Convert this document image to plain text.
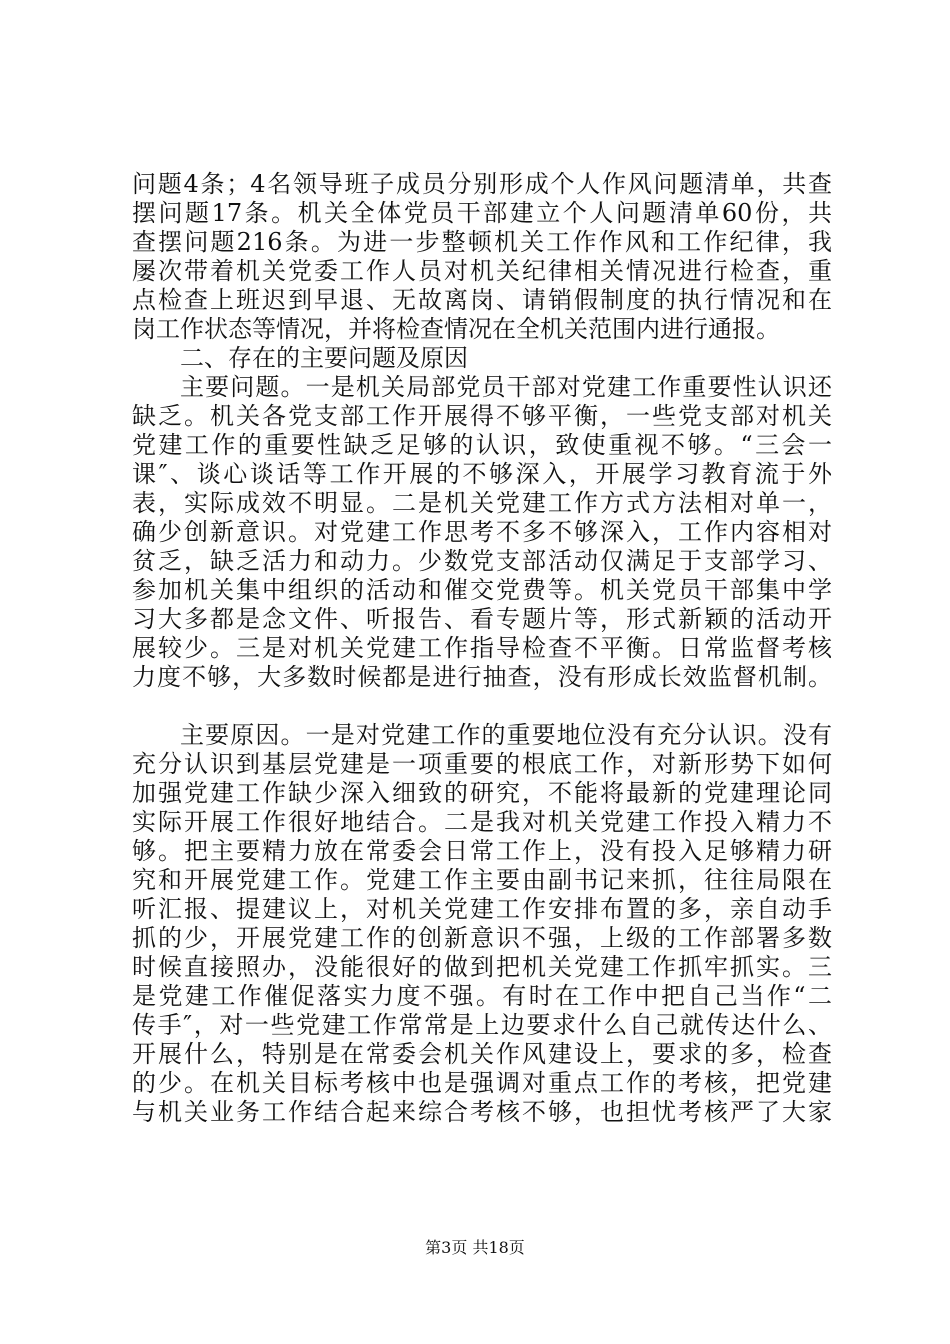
问题4条；4名领导班子成员分别形成个人作风问题清单，共查
摆问题17条。机关全体党员干部建立个人问题清单60份，共
查摆问题216条。为进一步整顿机关工作作风和工作纪律，我
屡次带着机关党委工作人员对机关纪律相关情况进行检查，重
点检查上班迟到早退、无故离岗、请销假制度的执行情况和在
岗工作状态等情况，并将检查情况在全机关范围内进行通报。
二、存在的主要问题及原因
主要问题。一是机关局部党员干部对党建工作重要性认识还
缺乏。机关各党支部工作开展得不够平衡，一些党支部对机关
党建工作的重要性缺乏足够的认识，致使重视不够。“三会一
课″、谈心谈话等工作开展的不够深入，开展学习教育流于外
表，实际成效不明显。二是机关党建工作方式方法相对单一，
确少创新意识。对党建工作思考不多不够深入，工作内容相对
贫乏，缺乏活力和动力。少数党支部活动仅满足于支部学习、
参加机关集中组织的活动和催交党费等。机关党员干部集中学
习大多都是念文件、听报告、看专题片等，形式新颖的活动开
展较少。三是对机关党建工作指导检查不平衡。日常监督考核
力度不够，大多数时候都是进行抽查，没有形成长效监督机制。
主要原因。一是对党建工作的重要地位没有充分认识。没有
充分认识到基层党建是一项重要的根底工作，对新形势下如何
加强党建工作缺少深入细致的研究，不能将最新的党建理论同
实际开展工作很好地结合。二是我对机关党建工作投入精力不
够。把主要精力放在常委会日常工作上，没有投入足够精力研
究和开展党建工作。党建工作主要由副书记来抓，往往局限在
听汇报、提建议上，对机关党建工作安排布置的多，亲自动手
抓的少，开展党建工作的创新意识不强，上级的工作部署多数
时候直接照办，没能很好的做到把机关党建工作抓牢抓实。三
是党建工作催促落实力度不强。有时在工作中把自己当作“二
传手″，对一些党建工作常常是上边要求什么自己就传达什么、
开展什么，特别是在常委会机关作风建设上，要求的多，检查
的少。在机关目标考核中也是强调对重点工作的考核，把党建
与机关业务工作结合起来综合考核不够，也担忧考核严了大家
第3页 共18页
